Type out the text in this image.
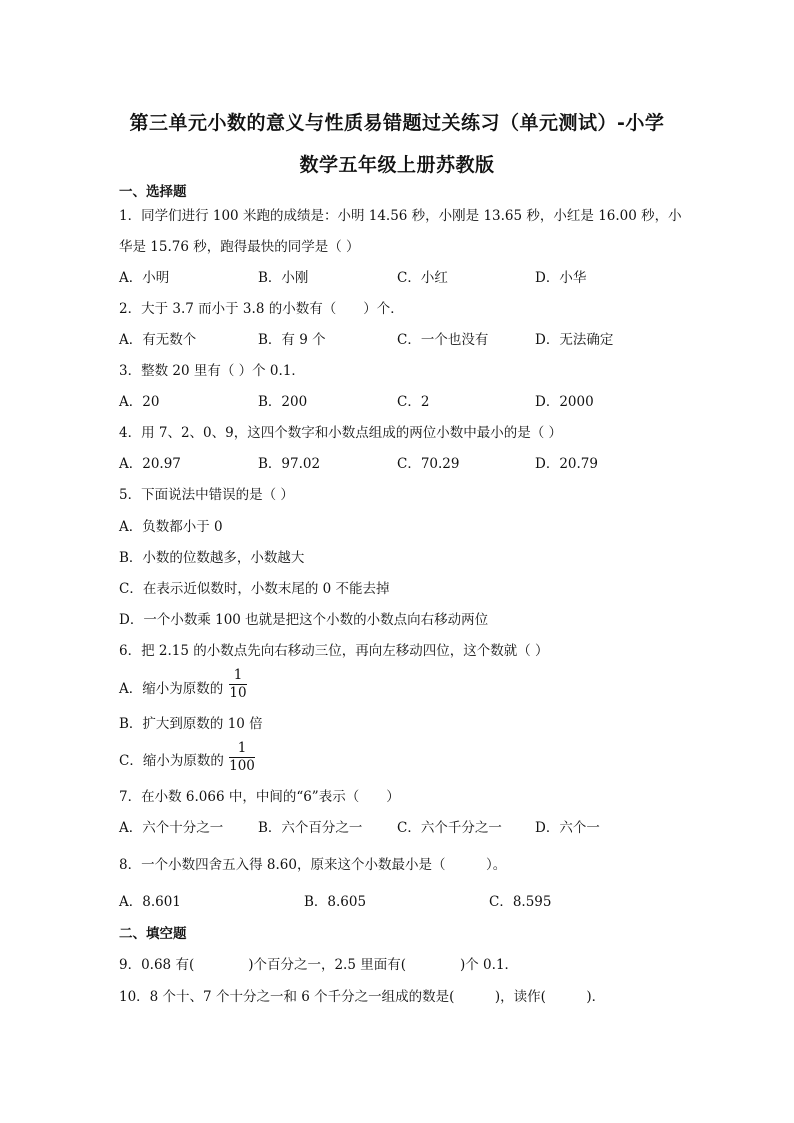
第三单元小数的意义与性质易错题过关练习（单元测试）-小学
数学五年级上册苏教版
一、选择题
1．同学们进行 100 米跑的成绩是：小明 14.56 秒，小刚是 13.65 秒，小红是 16.00 秒，小
华是 15.76 秒，跑得最快的同学是（ ）
A．小明	B．小刚	C．小红	D．小华
2．大于 3.7 而小于 3.8 的小数有（　　）个．
A．有无数个	B．有 9 个	C．一个也没有	D．无法确定
3．整数 20 里有（ ）个 0.1．
A．20	B．200	C．2	D．2000
4．用 7、2、0、9，这四个数字和小数点组成的两位小数中最小的是（ ）
A．20.97	B．97.02	C．70.29	D．20.79
5．下面说法中错误的是（ ）
A．负数都小于 0
B．小数的位数越多，小数越大
C．在表示近似数时，小数末尾的 0 不能去掉
D．一个小数乘 100 也就是把这个小数的小数点向右移动两位
6．把 2.15 的小数点先向右移动三位，再向左移动四位，这个数就（ ）
A．缩小为原数的
1
10
B．扩大到原数的 10 倍
C．缩小为原数的
1
100
7．在小数 6.066 中，中间的“6”表示（　　）
A．六个十分之一	B．六个百分之一	C．六个千分之一 D．六个一
8．一个小数四舍五入得 8.60，原来这个小数最小是（　　　）。
A．8.601	B．8.605	C．8.595
二、填空题
9．0.68 有(　　　　)个百分之一，2.5 里面有(　　　　)个 0.1．
10．8 个十、7 个十分之一和 6 个千分之一组成的数是(　　　)，读作(　　　)．
